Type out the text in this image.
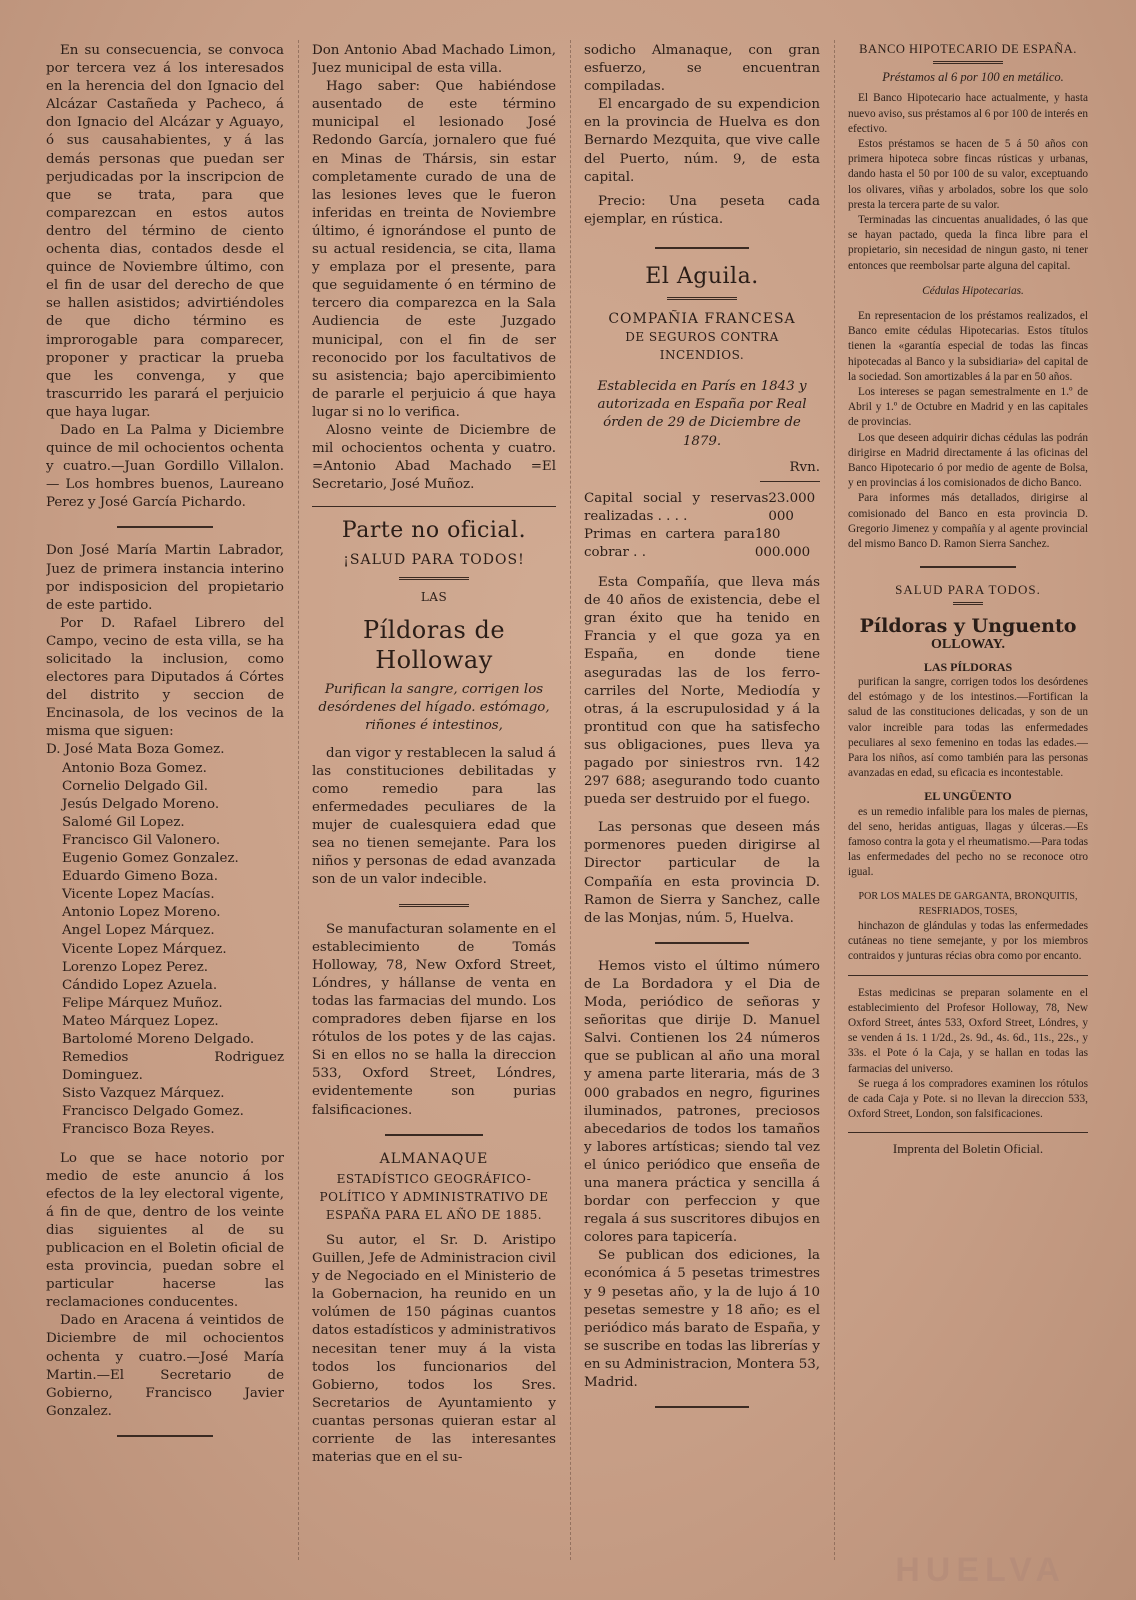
En su consecuencia, se convoca por tercera vez á los interesados en la herencia del don Ignacio del Alcázar Castañeda y Pacheco, á don Ignacio del Alcázar y Aguayo, ó sus causahabientes, y á las demás personas que puedan ser perjudicadas por la inscripcion de que se trata, para que comparezcan en estos autos dentro del término de ciento ochenta dias, contados desde el quince de Noviembre último, con el fin de usar del derecho de que se hallen asistidos; advirtiéndoles de que dicho término es improrogable para comparecer, proponer y practicar la prueba que les convenga, y que trascurrido les parará el perjuicio que haya lugar.

Dado en La Palma y Diciembre quince de mil ochocientos ochenta y cuatro.—Juan Gordillo Villalon. — Los hombres buenos, Laureano Perez y José García Pichardo.

Don José María Martin Labrador, Juez de primera instancia interino por indisposicion del propietario de este partido.

Por D. Rafael Librero del Campo, vecino de esta villa, se ha solicitado la inclusion, como electores para Diputados á Córtes del distrito y seccion de Encinasola, de los vecinos de la misma que siguen:

D. José Mata Boza Gomez.
Antonio Boza Gomez.
Cornelio Delgado Gil.
Jesús Delgado Moreno.
Salomé Gil Lopez.
Francisco Gil Valonero.
Eugenio Gomez Gonzalez.
Eduardo Gimeno Boza.
Vicente Lopez Macías.
Antonio Lopez Moreno.
Angel Lopez Márquez.
Vicente Lopez Márquez.
Lorenzo Lopez Perez.
Cándido Lopez Azuela.
Felipe Márquez Muñoz.
Mateo Márquez Lopez.
Bartolomé Moreno Delgado.
Remedios Rodriguez Dominguez.
Sisto Vazquez Márquez.
Francisco Delgado Gomez.
Francisco Boza Reyes.

Lo que se hace notorio por medio de este anuncio á los efectos de la ley electoral vigente, á fin de que, dentro de los veinte dias siguientes al de su publicacion en el Boletin oficial de esta provincia, puedan sobre el particular hacerse las reclamaciones conducentes.

Dado en Aracena á veintidos de Diciembre de mil ochocientos ochenta y cuatro.—José María Martin.—El Secretario de Gobierno, Francisco Javier Gonzalez.

Don Antonio Abad Machado Limon, Juez municipal de esta villa.

Hago saber: Que habiéndose ausentado de este término municipal el lesionado José Redondo García, jornalero que fué en Minas de Thársis, sin estar completamente curado de una de las lesiones leves que le fueron inferidas en treinta de Noviembre último, é ignorándose el punto de su actual residencia, se cita, llama y emplaza por el presente, para que seguidamente ó en término de tercero dia comparezca en la Sala Audiencia de este Juzgado municipal, con el fin de ser reconocido por los facultativos de su asistencia; bajo apercibimiento de pararle el perjuicio á que haya lugar si no lo verifica.

Alosno veinte de Diciembre de mil ochocientos ochenta y cuatro. =Antonio Abad Machado =El Secretario, José Muñoz.

Parte no oficial.
¡SALUD PARA TODOS!
LAS
Píldoras de Holloway

Purifican la sangre, corrigen los desórdenes del hígado. estómago, riñones é intestinos,

dan vigor y restablecen la salud á las constituciones debilitadas y como remedio para las enfermedades peculiares de la mujer de cualesquiera edad que sea no tienen semejante. Para los niños y personas de edad avanzada son de un valor indecible.

Se manufacturan solamente en el establecimiento de Tomás Holloway, 78, New Oxford Street, Lóndres, y hállanse de venta en todas las farmacias del mundo. Los compradores deben fijarse en los rótulos de los potes y de las cajas. Si en ellos no se halla la direccion 533, Oxford Street, Lóndres, evidentemente son purias falsificaciones.

ALMANAQUE
ESTADÍSTICO GEOGRÁFICO-POLÍTICO Y ADMINISTRATIVO DE ESPAÑA PARA EL AÑO DE 1885.

Su autor, el Sr. D. Aristipo Guillen, Jefe de Administracion civil y de Negociado en el Ministerio de la Gobernacion, ha reunido en un volúmen de 150 páginas cuantos datos estadísticos y administrativos necesitan tener muy á la vista todos los funcionarios del Gobierno, todos los Sres. Secretarios de Ayuntamiento y cuantas personas quieran estar al corriente de las interesantes materias que en el su-

sodicho Almanaque, con gran esfuerzo, se encuentran compiladas.

El encargado de su expendicion en la provincia de Huelva es don Bernardo Mezquita, que vive calle del Puerto, núm. 9, de esta capital.

Precio: Una peseta cada ejemplar, en rústica.

El Aguila.
COMPAÑIA FRANCESA
DE SEGUROS CONTRA INCENDIOS.

Establecida en París en 1843 y autorizada en España por Real órden de 29 de Diciembre de 1879.

Rvn.
Capital social y reservas realizadas . . . .
23.000 000
Primas en cartera para cobrar . .
180 000.000

Esta Compañía, que lleva más de 40 años de existencia, debe el gran éxito que ha tenido en Francia y el que goza ya en España, en donde tiene aseguradas las de los ferro-carriles del Norte, Mediodía y otras, á la escrupulosidad y á la prontitud con que ha satisfecho sus obligaciones, pues lleva ya pagado por siniestros rvn. 142 297 688; asegurando todo cuanto pueda ser destruido por el fuego.

Las personas que deseen más pormenores pueden dirigirse al Director particular de la Compañía en esta provincia D. Ramon de Sierra y Sanchez, calle de las Monjas, núm. 5, Huelva.

Hemos visto el último número de La Bordadora y el Dia de Moda, periódico de señoras y señoritas que dirije D. Manuel Salvi. Contienen los 24 números que se publican al año una moral y amena parte literaria, más de 3 000 grabados en negro, figurines iluminados, patrones, preciosos abecedarios de todos los tamaños y labores artísticas; siendo tal vez el único periódico que enseña de una manera práctica y sencilla á bordar con perfeccion y que regala á sus suscritores dibujos en colores para tapicería.

Se publican dos ediciones, la económica á 5 pesetas trimestres y 9 pesetas año, y la de lujo á 10 pesetas semestre y 18 año; es el periódico más barato de España, y se suscribe en todas las librerías y en su Administracion, Montera 53, Madrid.

BANCO HIPOTECARIO DE ESPAÑA.

Préstamos al 6 por 100 en metálico.

El Banco Hipotecario hace actualmente, y hasta nuevo aviso, sus préstamos al 6 por 100 de interés en efectivo.

Estos préstamos se hacen de 5 á 50 años con primera hipoteca sobre fincas rústicas y urbanas, dando hasta el 50 por 100 de su valor, exceptuando los olivares, viñas y arbolados, sobre los que solo presta la tercera parte de su valor.

Terminadas las cincuentas anualidades, ó las que se hayan pactado, queda la finca libre para el propietario, sin necesidad de ningun gasto, ni tener entonces que reembolsar parte alguna del capital.

Cédulas Hipotecarias.

En representacion de los préstamos realizados, el Banco emite cédulas Hipotecarias. Estos títulos tienen la «garantía especial de todas las fincas hipotecadas al Banco y la subsidiaria» del capital de la sociedad. Son amortizables á la par en 50 años.

Los intereses se pagan semestralmente en 1.º de Abril y 1.º de Octubre en Madrid y en las capitales de provincias.

Los que deseen adquirir dichas cédulas las podrán dirigirse en Madrid directamente á las oficinas del Banco Hipotecario ó por medio de agente de Bolsa, y en provincias á los comisionados de dicho Banco.

Para informes más detallados, dirigirse al comisionado del Banco en esta provincia D. Gregorio Jimenez y compañía y al agente provincial del mismo Banco D. Ramon Sierra Sanchez.

SALUD PARA TODOS.
Píldoras y Unguento
OLLOWAY.
LAS PÍLDORAS

purifican la sangre, corrigen todos los desórdenes del estómago y de los intestinos.—Fortifican la salud de las constituciones delicadas, y son de un valor increible para todas las enfermedades peculiares al sexo femenino en todas las edades.—Para los niños, así como también para las personas avanzadas en edad, su eficacia es incontestable.

EL UNGÜENTO

es un remedio infalible para los males de piernas, del seno, heridas antiguas, llagas y úlceras.—Es famoso contra la gota y el rheumatismo.—Para todas las enfermedades del pecho no se reconoce otro igual.

POR LOS MALES DE GARGANTA, BRONQUITIS, RESFRIADOS, TOSES,

hinchazon de glándulas y todas las enfermedades cutáneas no tiene semejante, y por los miembros contraidos y junturas récias obra como por encanto.

Estas medicinas se preparan solamente en el establecimiento del Profesor Holloway, 78, New Oxford Street, ántes 533, Oxford Street, Lóndres, y se venden á 1s. 1 1/2d., 2s. 9d., 4s. 6d., 11s., 22s., y 33s. el Pote ó la Caja, y se hallan en todas las farmacias del universo.

Se ruega á los compradores examinen los rótulos de cada Caja y Pote. si no llevan la direccion 533, Oxford Street, London, son falsificaciones.

Imprenta del Boletin Oficial.
HUELVA
